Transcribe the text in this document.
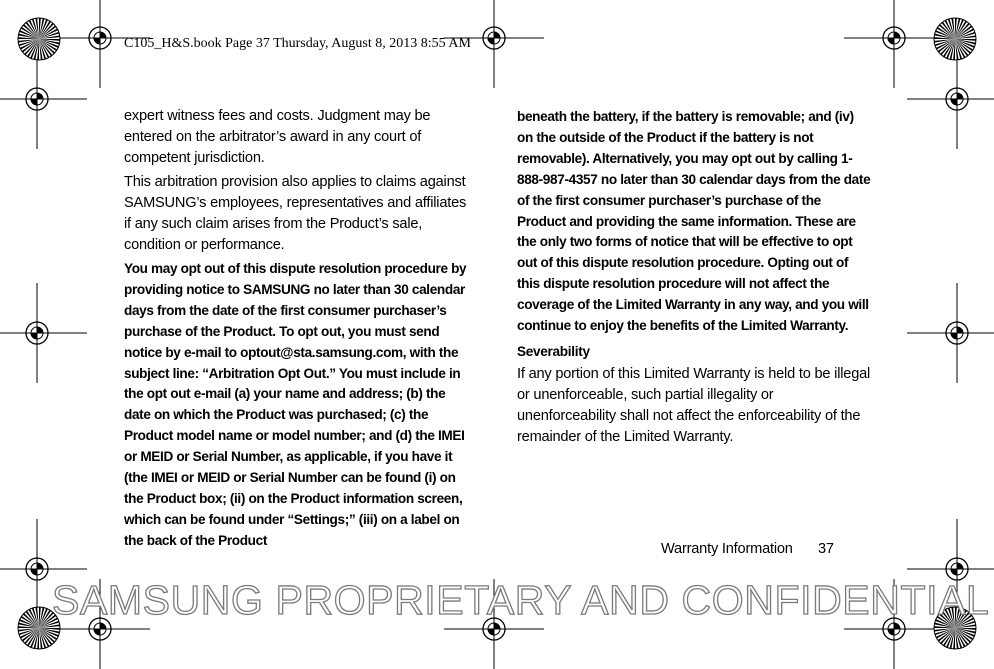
C105_H&S.book Page 37 Thursday, August 8, 2013 8:55 AM

expert witness fees and costs. Judgment may be entered on the arbitrator’s award in any court of competent jurisdiction.

This arbitration provision also applies to claims against SAMSUNG’s employees, representatives and affiliates if any such claim arises from the Product’s sale, condition or performance.

You may opt out of this dispute resolution procedure by providing notice to SAMSUNG no later than 30 calendar days from the date of the first consumer purchaser’s purchase of the Product. To opt out, you must send notice by e-mail to optout@sta.samsung.com, with the subject line: “Arbitration Opt Out.” You must include in the opt out e-mail (a) your name and address; (b) the date on which the Product was purchased; (c) the Product model name or model number; and (d) the IMEI or MEID or Serial Number, as applicable, if you have it (the IMEI or MEID or Serial Number can be found (i) on the Product box; (ii) on the Product information screen, which can be found under “Settings;” (iii) on a label on the back of the Product

beneath the battery, if the battery is removable; and (iv) on the outside of the Product if the battery is not removable). Alternatively, you may opt out by calling 1-888-987-4357 no later than 30 calendar days from the date of the first consumer purchaser’s purchase of the Product and providing the same information. These are the only two forms of notice that will be effective to opt out of this dispute resolution procedure. Opting out of this dispute resolution procedure will not affect the coverage of the Limited Warranty in any way, and you will continue to enjoy the benefits of the Limited Warranty.

Severability

If any portion of this Limited Warranty is held to be illegal or unenforceable, such partial illegality or unenforceability shall not affect the enforceability of the remainder of the Limited Warranty.

Warranty Information 37
SAMSUNG PROPRIETARY AND CONFIDENTIAL
